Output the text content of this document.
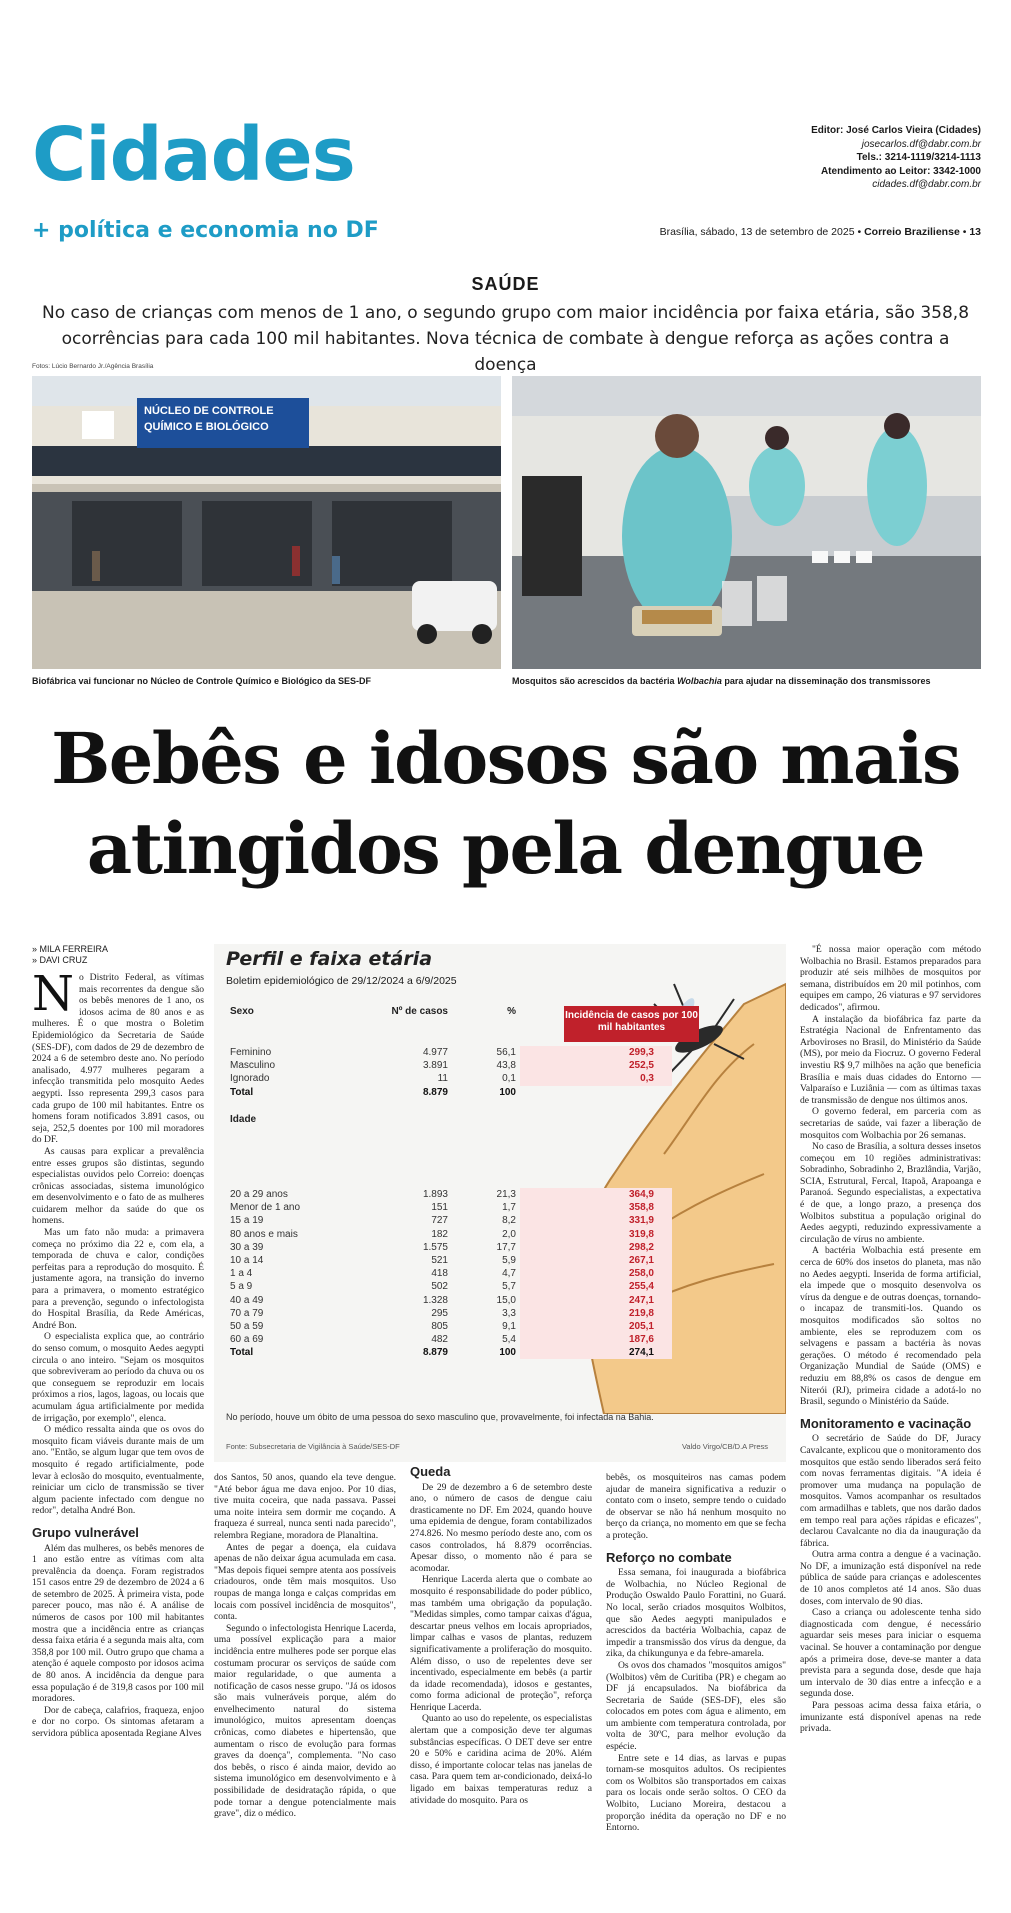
Cidades
+ política e economia no DF
Editor: José Carlos Vieira (Cidades)
josecarlos.df@dabr.com.br
Tels.: 3214-1119/3214-1113
Atendimento ao Leitor: 3342-1000
cidades.df@dabr.com.br
Brasília, sábado, 13 de setembro de 2025 • Correio Braziliense • 13
SAÚDE
No caso de crianças com menos de 1 ano, o segundo grupo com maior incidência por faixa etária, são 358,8 ocorrências para cada 100 mil habitantes. Nova técnica de combate à dengue reforça as ações contra a doença
Fotos: Lúcio Bernardo Jr./Agência Brasília
NÚCLEO DE CONTROLE
QUÍMICO E BIOLÓGICO
Biofábrica vai funcionar no Núcleo de Controle Químico e Biológico da SES-DF	Mosquitos são acrescidos da bactéria Wolbachia para ajudar na disseminação dos transmissores
Bebês e idosos são mais
atingidos pela dengue
» MILA FERREIRA
» DAVI CRUZ

No Distrito Federal, as vítimas mais recorrentes da dengue são os bebês menores de 1 ano, os idosos acima de 80 anos e as mulheres. É o que mostra o Boletim Epidemiológico da Secretaria de Saúde (SES-DF), com dados de 29 de dezembro de 2024 a 6 de setembro deste ano. No período analisado, 4.977 mulheres pegaram a infecção transmitida pelo mosquito Aedes aegypti. Isso representa 299,3 casos para cada grupo de 100 mil habitantes. Entre os homens foram notificados 3.891 casos, ou seja, 252,5 doentes por 100 mil moradores do DF.

As causas para explicar a prevalência entre esses grupos são distintas, segundo especialistas ouvidos pelo Correio: doenças crônicas associadas, sistema imunológico em desenvolvimento e o fato de as mulheres cuidarem melhor da saúde do que os homens.

Mas um fato não muda: a primavera começa no próximo dia 22 e, com ela, a temporada de chuva e calor, condições perfeitas para a reprodução do mosquito. É justamente agora, na transição do inverno para a primavera, o momento estratégico para a prevenção, segundo o infectologista do Hospital Brasília, da Rede Américas, André Bon.

O especialista explica que, ao contrário do senso comum, o mosquito Aedes aegypti circula o ano inteiro. "Sejam os mosquitos que sobreviveram ao período da chuva ou os que conseguem se reproduzir em locais próximos a rios, lagos, lagoas, ou locais que acumulam água artificialmente por medida de irrigação, por exemplo", elenca.

O médico ressalta ainda que os ovos do mosquito ficam viáveis durante mais de um ano. "Então, se algum lugar que tem ovos de mosquito é regado artificialmente, pode levar à eclosão do mosquito, eventualmente, reiniciar um ciclo de transmissão se tiver algum paciente infectado com dengue no redor", detalha André Bon.

Grupo vulnerável

Além das mulheres, os bebês menores de 1 ano estão entre as vítimas com alta prevalência da doença. Foram registrados 151 casos entre 29 de dezembro de 2024 a 6 de setembro de 2025. À primeira vista, pode parecer pouco, mas não é. A análise de números de casos por 100 mil habitantes mostra que a incidência entre as crianças dessa faixa etária é a segunda mais alta, com 358,8 por 100 mil. Outro grupo que chama a atenção é aquele composto por idosos acima de 80 anos. A incidência da dengue para essa população é de 319,8 casos por 100 mil moradores.

Dor de cabeça, calafrios, fraqueza, enjoo e dor no corpo. Os sintomas afetaram a servidora pública aposentada Regiane Alves

Perfil e faixa etária
Boletim epidemiológico de 29/12/2024 a 6/9/2025
Incidência de casos por 100 mil habitantes
Sexo	Nº de casos	%	
Feminino	4.977	56,1	299,3
Masculino	3.891	43,8	252,5
Ignorado	11	0,1	0,3
Total	8.879	100	
Idade			

20 a 29 anos	1.893	21,3	364,9
Menor de 1 ano	151	1,7	358,8
15 a 19	727	8,2	331,9
80 anos e mais	182	2,0	319,8
30 a 39	1.575	17,7	298,2
10 a 14	521	5,9	267,1
1 a 4	418	4,7	258,0
5 a 9	502	5,7	255,4
40 a 49	1.328	15,0	247,1
70 a 79	295	3,3	219,8
50 a 59	805	9,1	205,1
60 a 69	482	5,4	187,6
Total	8.879	100	274,1
No período, houve um óbito de uma pessoa do sexo masculino que, provavelmente, foi infectada na Bahia.
Fonte: Subsecretaria de Vigilância à Saúde/SES-DF	Valdo Virgo/CB/D.A Press

dos Santos, 50 anos, quando ela teve dengue. "Até bebor água me dava enjoo. Por 10 dias, tive muita coceira, que nada passava. Passei uma noite inteira sem dormir me coçando. A fraqueza é surreal, nunca senti nada parecido", relembra Regiane, moradora de Planaltina.

Antes de pegar a doença, ela cuidava apenas de não deixar água acumulada em casa. "Mas depois fiquei sempre atenta aos possíveis criadouros, onde têm mais mosquitos. Uso roupas de manga longa e calças compridas em locais com possível incidência de mosquitos", conta.

Segundo o infectologista Henrique Lacerda, uma possível explicação para a maior incidência entre mulheres pode ser porque elas costumam procurar os serviços de saúde com maior regularidade, o que aumenta a notificação de casos nesse grupo. "Já os idosos são mais vulneráveis porque, além do envelhecimento natural do sistema imunológico, muitos apresentam doenças crônicas, como diabetes e hipertensão, que aumentam o risco de evolução para formas graves da doença", complementa. "No caso dos bebês, o risco é ainda maior, devido ao sistema imunológico em desenvolvimento e à possibilidade de desidratação rápida, o que pode tornar a dengue potencialmente mais grave", diz o médico.

Queda

De 29 de dezembro a 6 de setembro deste ano, o número de casos de dengue caiu drasticamente no DF. Em 2024, quando houve uma epidemia de dengue, foram contabilizados 274.826. No mesmo período deste ano, com os casos controlados, há 8.879 ocorrências. Apesar disso, o momento não é para se acomodar.

Henrique Lacerda alerta que o combate ao mosquito é responsabilidade do poder público, mas também uma obrigação da população. "Medidas simples, como tampar caixas d'água, descartar pneus velhos em locais apropriados, limpar calhas e vasos de plantas, reduzem significativamente a proliferação do mosquito. Além disso, o uso de repelentes deve ser incentivado, especialmente em bebês (a partir da idade recomendada), idosos e gestantes, como forma adicional de proteção", reforça Henrique Lacerda.

Quanto ao uso do repelente, os especialistas alertam que a composição deve ter algumas substâncias específicas. O DET deve ser entre 20 e 50% e caridina acima de 20%. Além disso, é importante colocar telas nas janelas de casa. Para quem tem ar-condicionado, deixá-lo ligado em baixas temperaturas reduz a atividade do mosquito. Para os

bebês, os mosquiteiros nas camas podem ajudar de maneira significativa a reduzir o contato com o inseto, sempre tendo o cuidado de observar se não há nenhum mosquito no berço da criança, no momento em que se fecha a proteção.

Reforço no combate

Essa semana, foi inaugurada a biofábrica de Wolbachia, no Núcleo Regional de Produção Oswaldo Paulo Forattini, no Guará. No local, serão criados mosquitos Wolbitos, que são Aedes aegypti manipulados e acrescidos da bactéria Wolbachia, capaz de impedir a transmissão dos vírus da dengue, da zika, da chikungunya e da febre-amarela.

Os ovos dos chamados "mosquitos amigos" (Wolbitos) vêm de Curitiba (PR) e chegam ao DF já encapsulados. Na biofábrica da Secretaria de Saúde (SES-DF), eles são colocados em potes com água e alimento, em um ambiente com temperatura controlada, por volta de 30ºC, para melhor evolução da espécie.

Entre sete e 14 dias, as larvas e pupas tornam-se mosquitos adultos. Os recipientes com os Wolbitos são transportados em caixas para os locais onde serão soltos. O CEO da Wolbito, Luciano Moreira, destacou a proporção inédita da operação no DF e no Entorno.

"É nossa maior operação com método Wolbachia no Brasil. Estamos preparados para produzir até seis milhões de mosquitos por semana, distribuídos em 20 mil potinhos, com equipes em campo, 26 viaturas e 97 servidores dedicados", afirmou.

A instalação da biofábrica faz parte da Estratégia Nacional de Enfrentamento das Arboviroses no Brasil, do Ministério da Saúde (MS), por meio da Fiocruz. O governo Federal investiu R$ 9,7 milhões na ação que beneficia Brasília e mais duas cidades do Entorno — Valparaíso e Luziânia — com as últimas taxas de transmissão de dengue nos últimos anos.

O governo federal, em parceria com as secretarias de saúde, vai fazer a liberação de mosquitos com Wolbachia por 26 semanas.

No caso de Brasília, a soltura desses insetos começou em 10 regiões administrativas: Sobradinho, Sobradinho 2, Brazlândia, Varjão, SCIA, Estrutural, Fercal, Itapoã, Arapoanga e Paranoá. Segundo especialistas, a expectativa é de que, a longo prazo, a presença dos Wolbitos substitua a população original do Aedes aegypti, reduzindo expressivamente a circulação de vírus no ambiente.

A bactéria Wolbachia está presente em cerca de 60% dos insetos do planeta, mas não no Aedes aegypti. Inserida de forma artificial, ela impede que o mosquito desenvolva os vírus da dengue e de outras doenças, tornando-o incapaz de transmiti-los. Quando os mosquitos modificados são soltos no ambiente, eles se reproduzem com os selvagens e passam a bactéria às novas gerações. O método é recomendado pela Organização Mundial de Saúde (OMS) e reduziu em 88,8% os casos de dengue em Niterói (RJ), primeira cidade a adotá-lo no Brasil, segundo o Ministério da Saúde.

Monitoramento e vacinação

O secretário de Saúde do DF, Juracy Cavalcante, explicou que o monitoramento dos mosquitos que estão sendo liberados será feito com novas ferramentas digitais. "A ideia é promover uma mudança na população de mosquitos. Vamos acompanhar os resultados com armadilhas e tablets, que nos darão dados em tempo real para ações rápidas e eficazes", declarou Cavalcante no dia da inauguração da fábrica.

Outra arma contra a dengue é a vacinação. No DF, a imunização está disponível na rede pública de saúde para crianças e adolescentes de 10 anos completos até 14 anos. São duas doses, com intervalo de 90 dias.

Caso a criança ou adolescente tenha sido diagnosticada com dengue, é necessário aguardar seis meses para iniciar o esquema vacinal. Se houver a contaminação por dengue após a primeira dose, deve-se manter a data prevista para a segunda dose, desde que haja um intervalo de 30 dias entre a infecção e a segunda dose.

Para pessoas acima dessa faixa etária, o imunizante está disponível apenas na rede privada.
